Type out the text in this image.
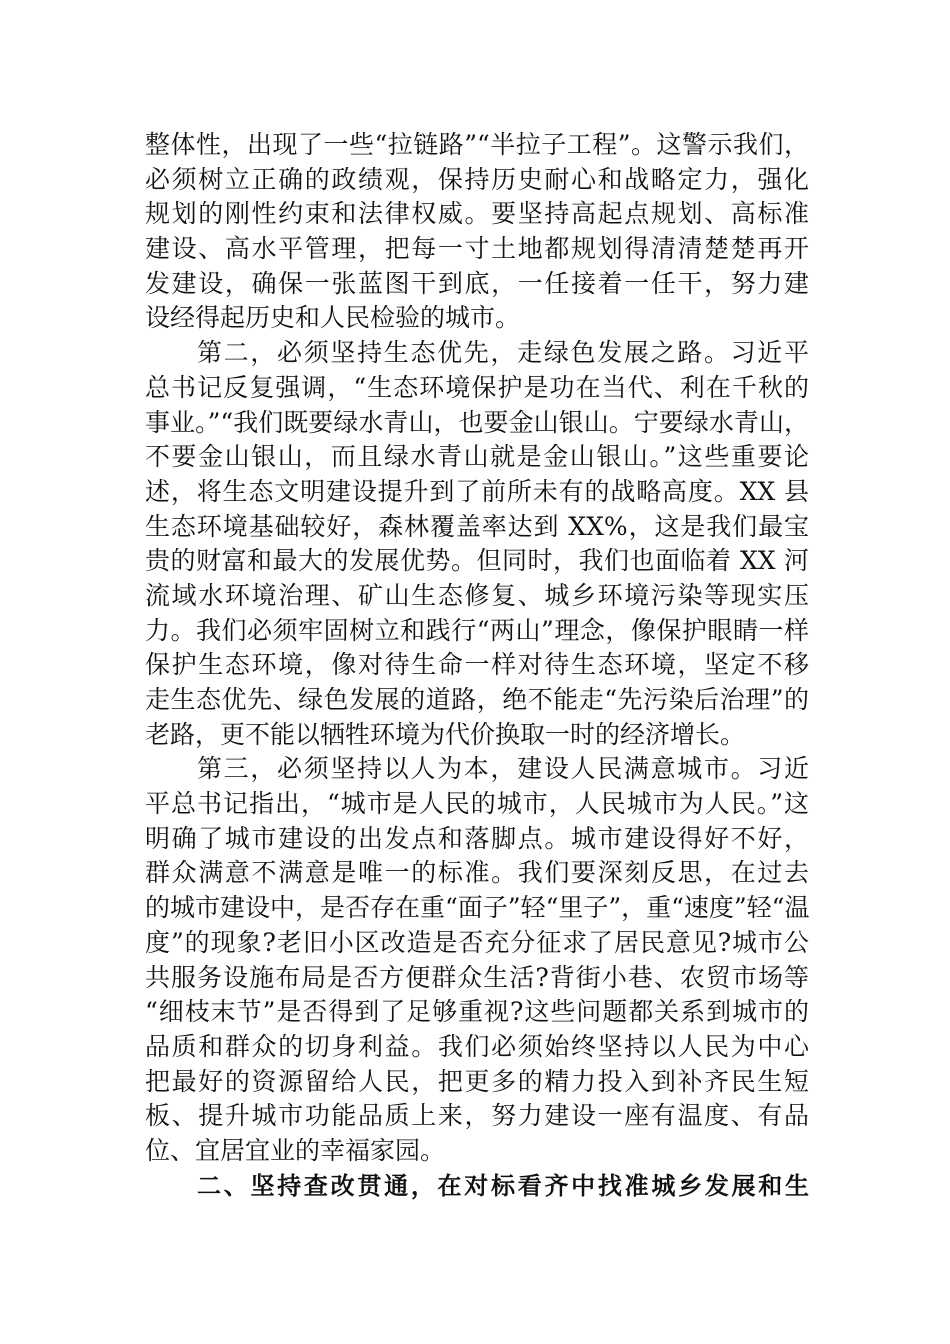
整体性，出现了一些“拉链路”“半拉子工程”。这警示我们，
必须树立正确的政绩观，保持历史耐心和战略定力，强化
规划的刚性约束和法律权威。要坚持高起点规划、高标准
建设、高水平管理，把每一寸土地都规划得清清楚楚再开
发建设，确保一张蓝图干到底，一任接着一任干，努力建
设经得起历史和人民检验的城市。
第二，必须坚持生态优先，走绿色发展之路。习近平
总书记反复强调，“生态环境保护是功在当代、利在千秋的
事业。”“我们既要绿水青山，也要金山银山。宁要绿水青山，
不要金山银山，而且绿水青山就是金山银山。”这些重要论
述，将生态文明建设提升到了前所未有的战略高度。XX 县
生态环境基础较好，森林覆盖率达到 XX%，这是我们最宝
贵的财富和最大的发展优势。但同时，我们也面临着 XX 河
流域水环境治理、矿山生态修复、城乡环境污染等现实压
力。我们必须牢固树立和践行“两山”理念，像保护眼睛一样
保护生态环境，像对待生命一样对待生态环境，坚定不移
走生态优先、绿色发展的道路，绝不能走“先污染后治理”的
老路，更不能以牺牲环境为代价换取一时的经济增长。
第三，必须坚持以人为本，建设人民满意城市。习近
平总书记指出，“城市是人民的城市，人民城市为人民。”这
明确了城市建设的出发点和落脚点。城市建设得好不好，
群众满意不满意是唯一的标准。我们要深刻反思，在过去
的城市建设中，是否存在重“面子”轻“里子”，重“速度”轻“温
度”的现象?老旧小区改造是否充分征求了居民意见?城市公
共服务设施布局是否方便群众生活?背街小巷、农贸市场等
“细枝末节”是否得到了足够重视?这些问题都关系到城市的
品质和群众的切身利益。我们必须始终坚持以人民为中心
把最好的资源留给人民，把更多的精力投入到补齐民生短
板、提升城市功能品质上来，努力建设一座有温度、有品
位、宜居宜业的幸福家园。
二、坚持查改贯通，在对标看齐中找准城乡发展和生
